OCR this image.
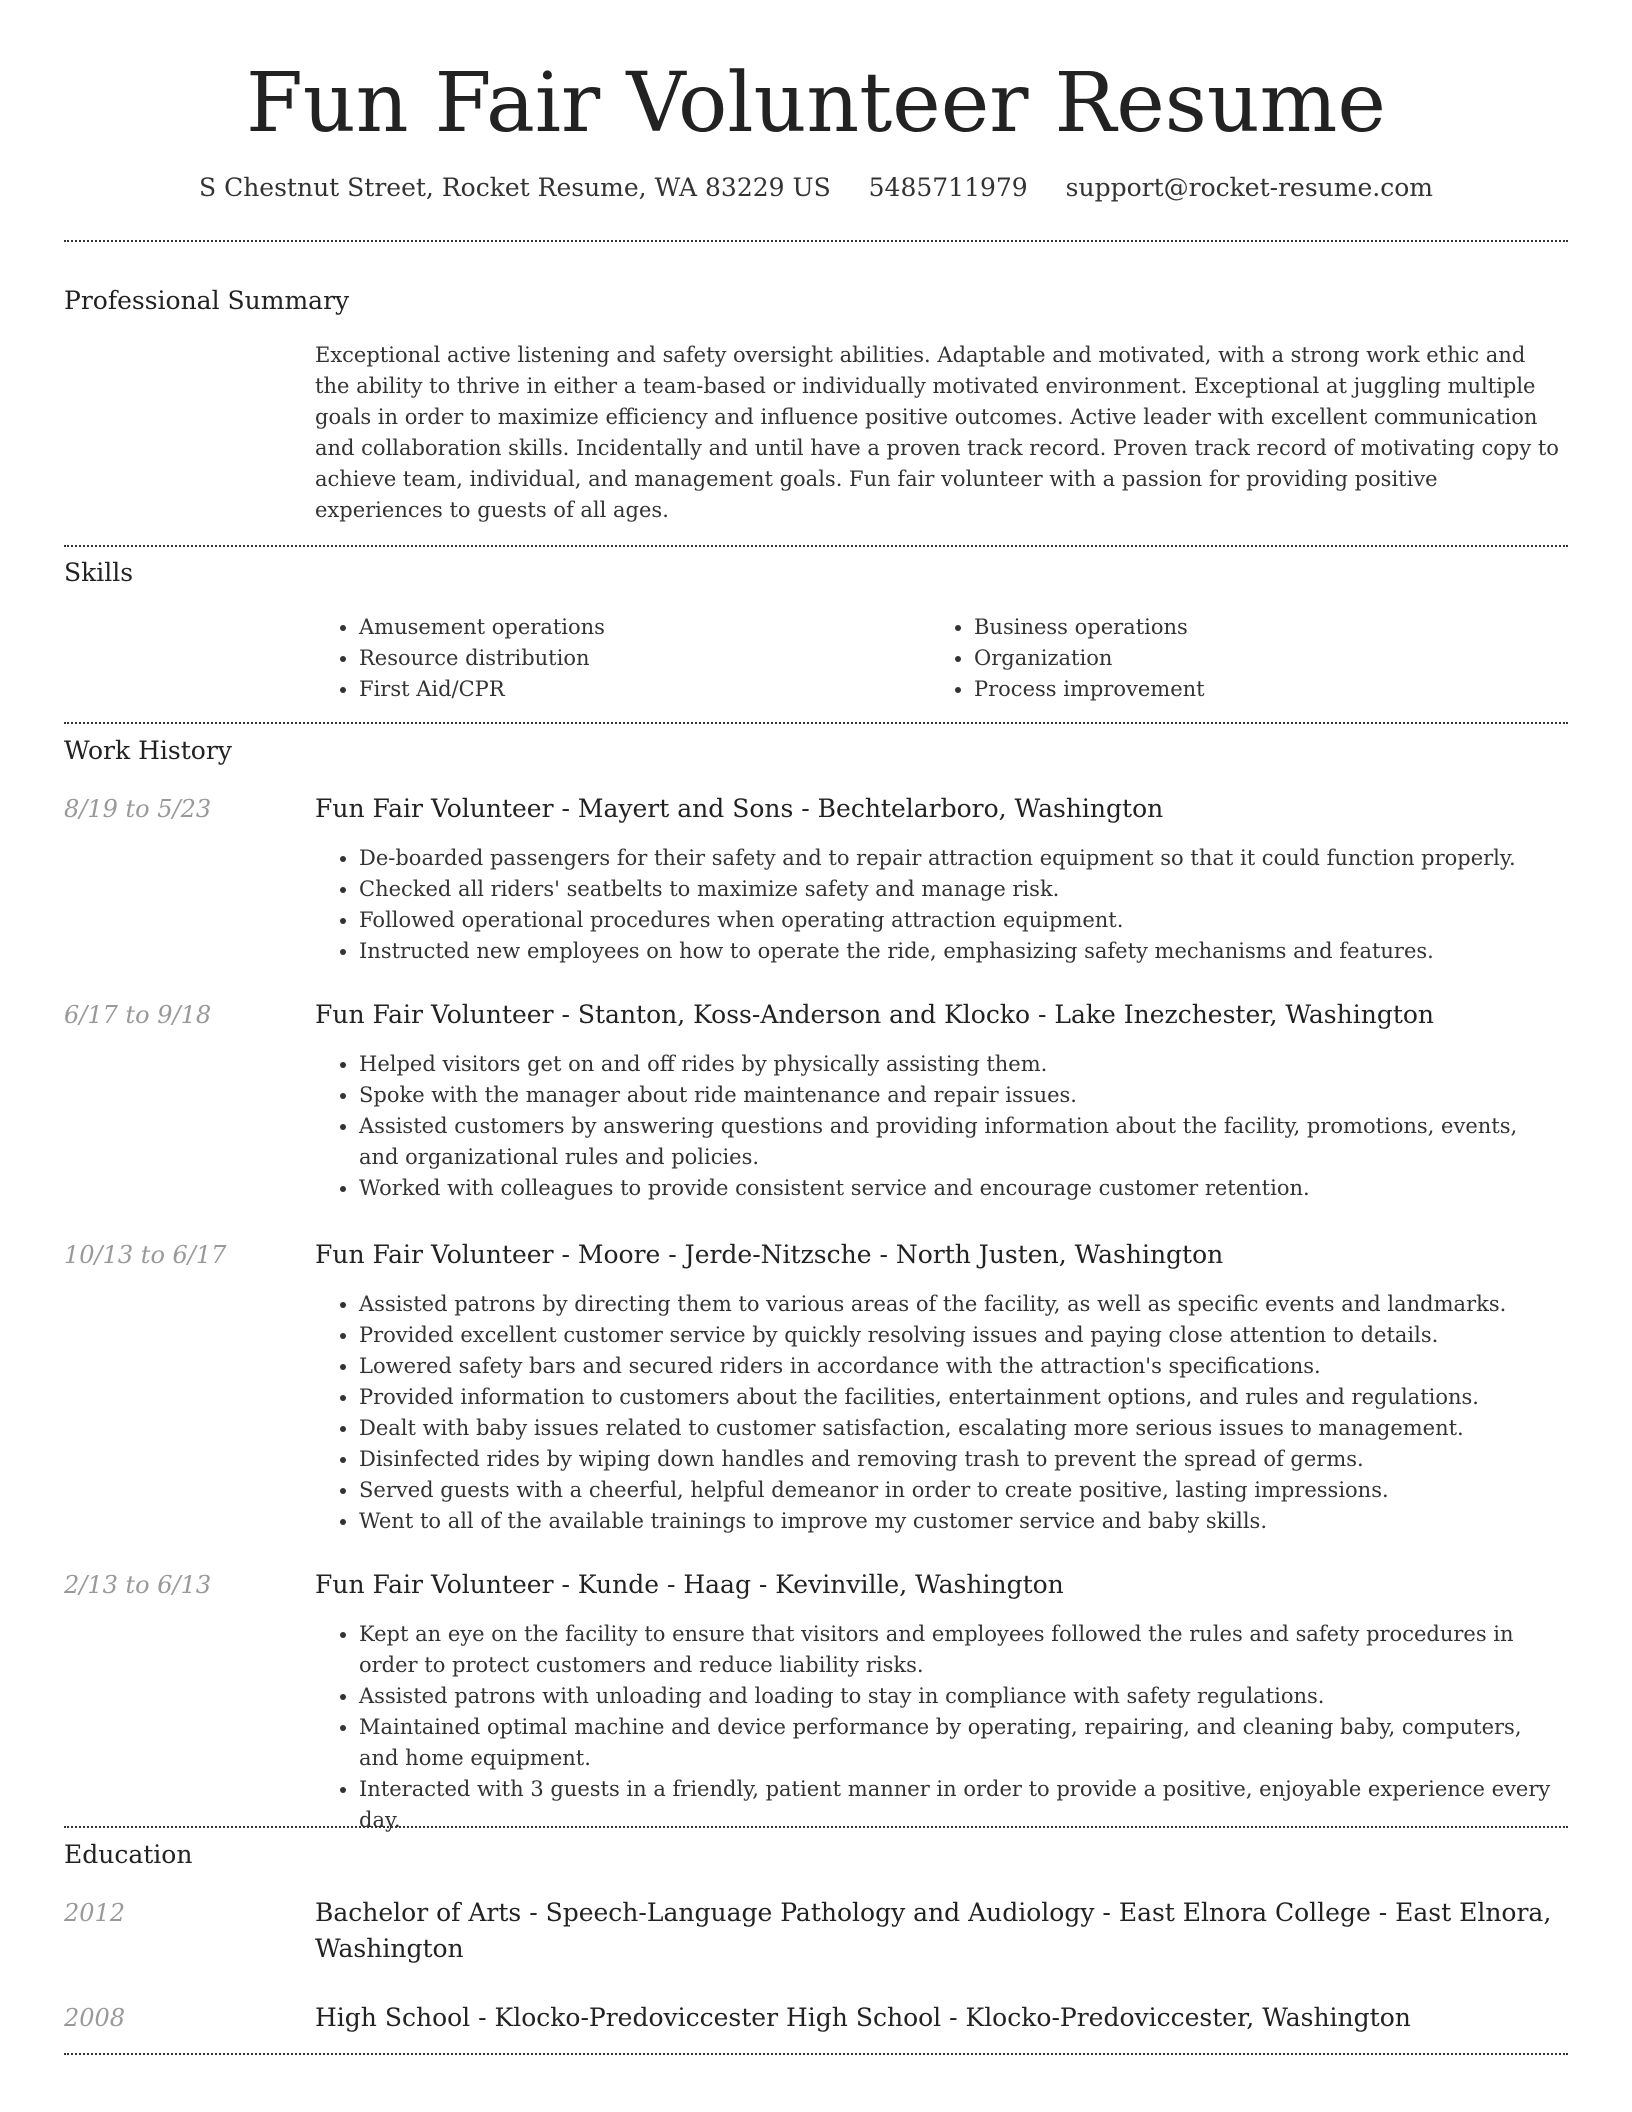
Fun Fair Volunteer Resume
S Chestnut Street, Rocket Resume, WA 83229 US 5485711979 support@rocket-resume.com
Professional Summary

Exceptional active listening and safety oversight abilities. Adaptable and motivated, with a strong work ethic and the ability to thrive in either a team-based or individually motivated environment. Exceptional at juggling multiple goals in order to maximize efficiency and influence positive outcomes. Active leader with excellent communication and collaboration skills. Incidentally and until have a proven track record. Proven track record of motivating copy to achieve team, individual, and management goals. Fun fair volunteer with a passion for providing positive experiences to guests of all ages.

Skills
• Amusement operations
• Resource distribution
• First Aid/CPR
• Business operations
• Organization
• Process improvement
Work History
8/19 to 5/23	Fun Fair Volunteer - Mayert and Sons - Bechtelarboro, Washington
• De-boarded passengers for their safety and to repair attraction equipment so that it could function properly.
• Checked all riders' seatbelts to maximize safety and manage risk.
• Followed operational procedures when operating attraction equipment.
• Instructed new employees on how to operate the ride, emphasizing safety mechanisms and features.
6/17 to 9/18	Fun Fair Volunteer - Stanton, Koss-Anderson and Klocko - Lake Inezchester, Washington
• Helped visitors get on and off rides by physically assisting them.
• Spoke with the manager about ride maintenance and repair issues.
• Assisted customers by answering questions and providing information about the facility, promotions, events, and organizational rules and policies.
• Worked with colleagues to provide consistent service and encourage customer retention.
10/13 to 6/17	Fun Fair Volunteer - Moore - Jerde-Nitzsche - North Justen, Washington
• Assisted patrons by directing them to various areas of the facility, as well as specific events and landmarks.
• Provided excellent customer service by quickly resolving issues and paying close attention to details.
• Lowered safety bars and secured riders in accordance with the attraction's specifications.
• Provided information to customers about the facilities, entertainment options, and rules and regulations.
• Dealt with baby issues related to customer satisfaction, escalating more serious issues to management.
• Disinfected rides by wiping down handles and removing trash to prevent the spread of germs.
• Served guests with a cheerful, helpful demeanor in order to create positive, lasting impressions.
• Went to all of the available trainings to improve my customer service and baby skills.
2/13 to 6/13	Fun Fair Volunteer - Kunde - Haag - Kevinville, Washington
• Kept an eye on the facility to ensure that visitors and employees followed the rules and safety procedures in order to protect customers and reduce liability risks.
• Assisted patrons with unloading and loading to stay in compliance with safety regulations.
• Maintained optimal machine and device performance by operating, repairing, and cleaning baby, computers, and home equipment.
• Interacted with 3 guests in a friendly, patient manner in order to provide a positive, enjoyable experience every day.
Education
2012	Bachelor of Arts - Speech-Language Pathology and Audiology - East Elnora College - East Elnora, Washington
2008	High School - Klocko-Predoviccester High School - Klocko-Predoviccester, Washington
